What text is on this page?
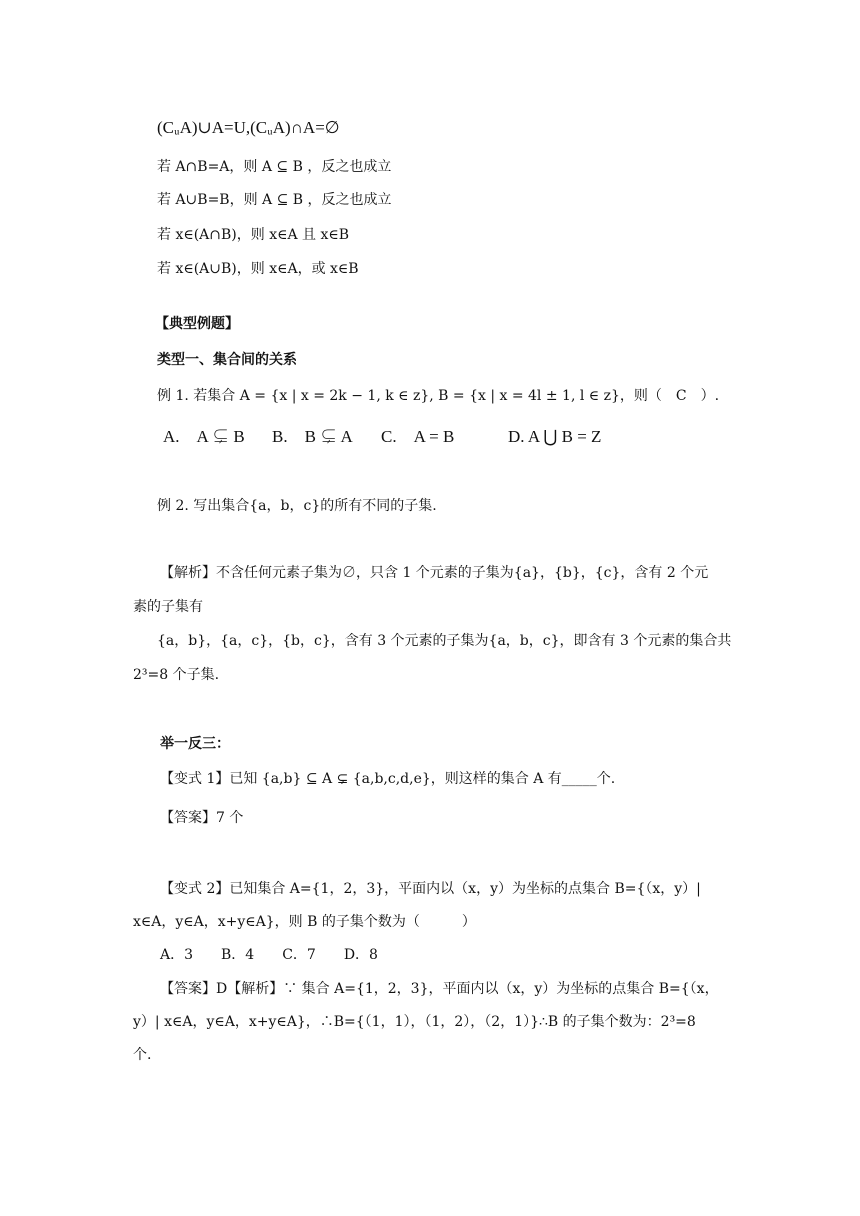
(CᵤA)∪A=U,(CᵤA)∩A=∅
若 A∩B=A，则 A ⊆ B ，反之也成立
若 A∪B=B，则 A ⊆ B ，反之也成立
若 x∈(A∩B)，则 x∈A 且 x∈B
若 x∈(A∪B)，则 x∈A，或 x∈B
【典型例题】
类型一、集合间的关系
例 1. 若集合 A = {x | x = 2k − 1, k ∈ z}, B = {x | x = 4l ± 1, l ∈ z}，则（　C　）.
A.　A ⊊ B B.　B ⊊ A C.　A = B	D. A ⋃ B = Z
例 2. 写出集合{a，b，c}的所有不同的子集.
【解析】不含任何元素子集为∅，只含 1 个元素的子集为{a}，{b}，{c}，含有 2 个元
素的子集有
{a，b}，{a，c}，{b，c}，含有 3 个元素的子集为{a，b，c}，即含有 3 个元素的集合共
2³=8 个子集.
举一反三：
【变式 1】已知 {a,b} ⊆ A ⊊ {a,b,c,d,e}，则这样的集合 A 有_____个.
【答案】7 个
【变式 2】已知集合 A={1，2，3}，平面内以（x，y）为坐标的点集合 B={（x，y）|
x∈A，y∈A，x+y∈A}，则 B 的子集个数为（　　　）
A．3　　B．4　　C．7　　D．8
【答案】D【解析】∵ 集合 A={1，2，3}，平面内以（x，y）为坐标的点集合 B={（x，
y）| x∈A，y∈A，x+y∈A}，∴B={（1，1），（1，2），（2，1）}∴B 的子集个数为：2³=8
个.
